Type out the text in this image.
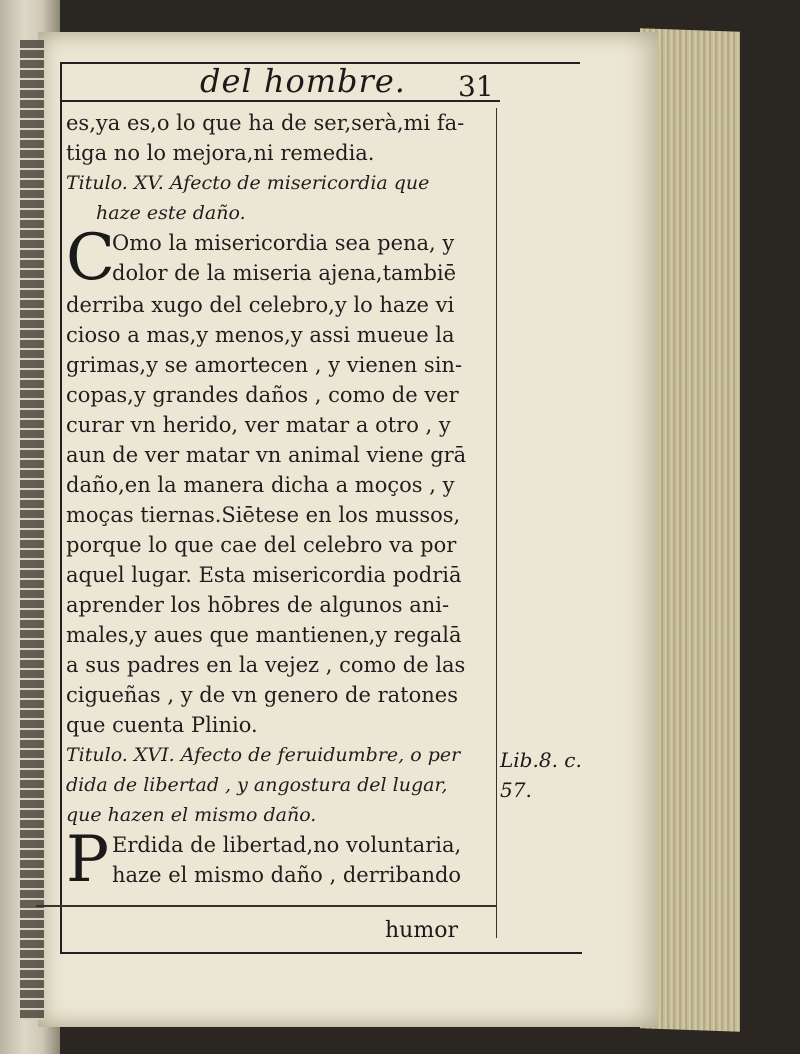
del hombre. 31
es,ya es,o lo que ha de ser,serà,mi fa-
tiga no lo mejora,ni remedia.
Titulo. XV. Afecto de misericordia que
haze este daño.
C
Omo la misericordia sea pena, y
dolor de la miseria ajena,tambiē
derriba xugo del celebro,y lo haze vi
cioso a mas,y menos,y assi mueue la
grimas,y se amortecen , y vienen sin-
copas,y grandes daños , como de ver
curar vn herido, ver matar a otro , y
aun de ver matar vn animal viene grā
daño,en la manera dicha a moços , y
moças tiernas.Siētese en los mussos,
porque lo que cae del celebro va por
aquel lugar. Esta misericordia podriā
aprender los hōbres de algunos ani-
males,y aues que mantienen,y regalā
a sus padres en la vejez , como de las
cigueñas , y de vn genero de ratones
que cuenta Plinio.
Titulo. XVI. Afecto de feruidumbre, o per
dida de libertad , y angostura del lugar,
que hazen el mismo daño.
P Erdida de libertad,no voluntaria,
haze el mismo daño , derribando
Lib.8. c.
57.
humor
